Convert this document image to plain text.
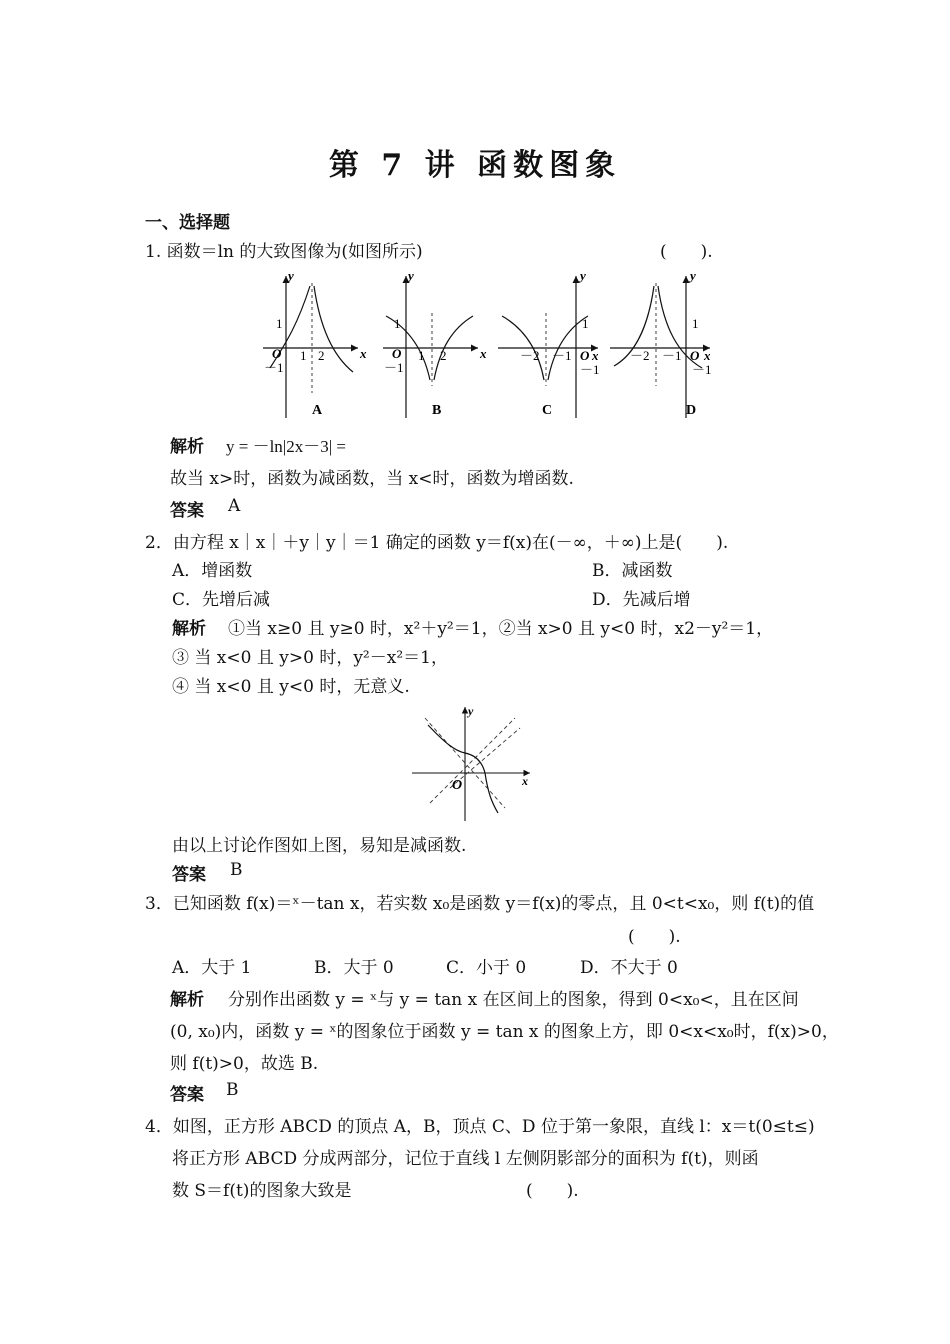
第 7 讲 函数图象
一、选择题
1. 函数＝ln 的大致图像为(如图所示)	(　　).
y
x
O
1
1 2
－1
A
y
x
O
1
1 2
－1
B
y
x
O
1
－2 －1
－1
C
y
x
O
1
－2 －1
－1
D
解析 y = －ln|2x－3| =
故当 x>时，函数为减函数，当 x<时，函数为增函数.
答案 A
2．由方程 x｜x｜＋y｜y｜＝1 确定的函数 y＝f(x)在(－∞，＋∞)上是(　　).
A．增函数	B．减函数
C．先增后减	D．先减后增
解析 ①当 x≥0 且 y≥0 时，x²＋y²＝1，②当 x>0 且 y<0 时，x2－y²＝1，
③ 当 x<0 且 y>0 时，y²－x²＝1，
④ 当 x<0 且 y<0 时，无意义.
y
x
O
由以上讨论作图如上图，易知是减函数.
答案 B
3．已知函数 f(x)＝ˣ－tan x，若实数 x₀是函数 y＝f(x)的零点，且 0<t<x₀，则 f(t)的值
(　　).
A．大于 1	B．大于 0	C．小于 0	D．不大于 0
解析 分别作出函数 y = ˣ与 y = tan x 在区间上的图象，得到 0<x₀<，且在区间
(0, x₀)内，函数 y = ˣ的图象位于函数 y = tan x 的图象上方，即 0<x<x₀时，f(x)>0，
则 f(t)>0，故选 B.
答案 B
4．如图，正方形 ABCD 的顶点 A，B，顶点 C、D 位于第一象限，直线 l：x＝t(0≤t≤)
将正方形 ABCD 分成两部分，记位于直线 l 左侧阴影部分的面积为 f(t)，则函
数 S＝f(t)的图象大致是	(　　).
